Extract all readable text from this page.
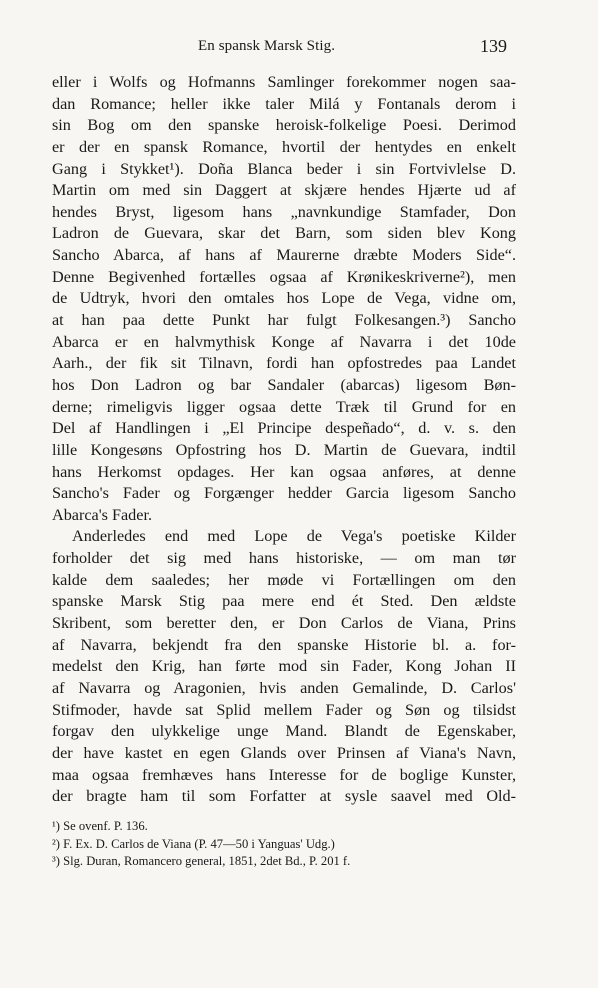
En spansk Marsk Stig.	139
eller i Wolfs og Hofmanns Samlinger forekommer nogen saa-
dan Romance; heller ikke taler Milá y Fontanals derom i
sin Bog om den spanske heroisk-folkelige Poesi. Derimod
er der en spansk Romance, hvortil der hentydes en enkelt
Gang i Stykket¹). Doña Blanca beder i sin Fortvivlelse D.
Martin om med sin Daggert at skjære hendes Hjærte ud af
hendes Bryst, ligesom hans „navnkundige Stamfader, Don
Ladron de Guevara, skar det Barn, som siden blev Kong
Sancho Abarca, af hans af Maurerne dræbte Moders Side“.
Denne Begivenhed fortælles ogsaa af Krønikeskriverne²), men
de Udtryk, hvori den omtales hos Lope de Vega, vidne om,
at han paa dette Punkt har fulgt Folkesangen.³) Sancho
Abarca er en halvmythisk Konge af Navarra i det 10de
Aarh., der fik sit Tilnavn, fordi han opfostredes paa Landet
hos Don Ladron og bar Sandaler (abarcas) ligesom Bøn-
derne; rimeligvis ligger ogsaa dette Træk til Grund for en
Del af Handlingen i „El Principe despeñado“, d. v. s. den
lille Kongesøns Opfostring hos D. Martin de Guevara, indtil
hans Herkomst opdages. Her kan ogsaa anføres, at denne
Sancho's Fader og Forgænger hedder Garcia ligesom Sancho
Abarca's Fader.
Anderledes end med Lope de Vega's poetiske Kilder
forholder det sig med hans historiske, — om man tør
kalde dem saaledes; her møde vi Fortællingen om den
spanske Marsk Stig paa mere end ét Sted. Den ældste
Skribent, som beretter den, er Don Carlos de Viana, Prins
af Navarra, bekjendt fra den spanske Historie bl. a. for-
medelst den Krig, han førte mod sin Fader, Kong Johan II
af Navarra og Aragonien, hvis anden Gemalinde, D. Carlos'
Stifmoder, havde sat Splid mellem Fader og Søn og tilsidst
forgav den ulykkelige unge Mand. Blandt de Egenskaber,
der have kastet en egen Glands over Prinsen af Viana's Navn,
maa ogsaa fremhæves hans Interesse for de boglige Kunster,
der bragte ham til som Forfatter at sysle saavel med Old-
¹) Se ovenf. P. 136.
²) F. Ex. D. Carlos de Viana (P. 47—50 i Yanguas' Udg.)
³) Slg. Duran, Romancero general, 1851, 2det Bd., P. 201 f.
